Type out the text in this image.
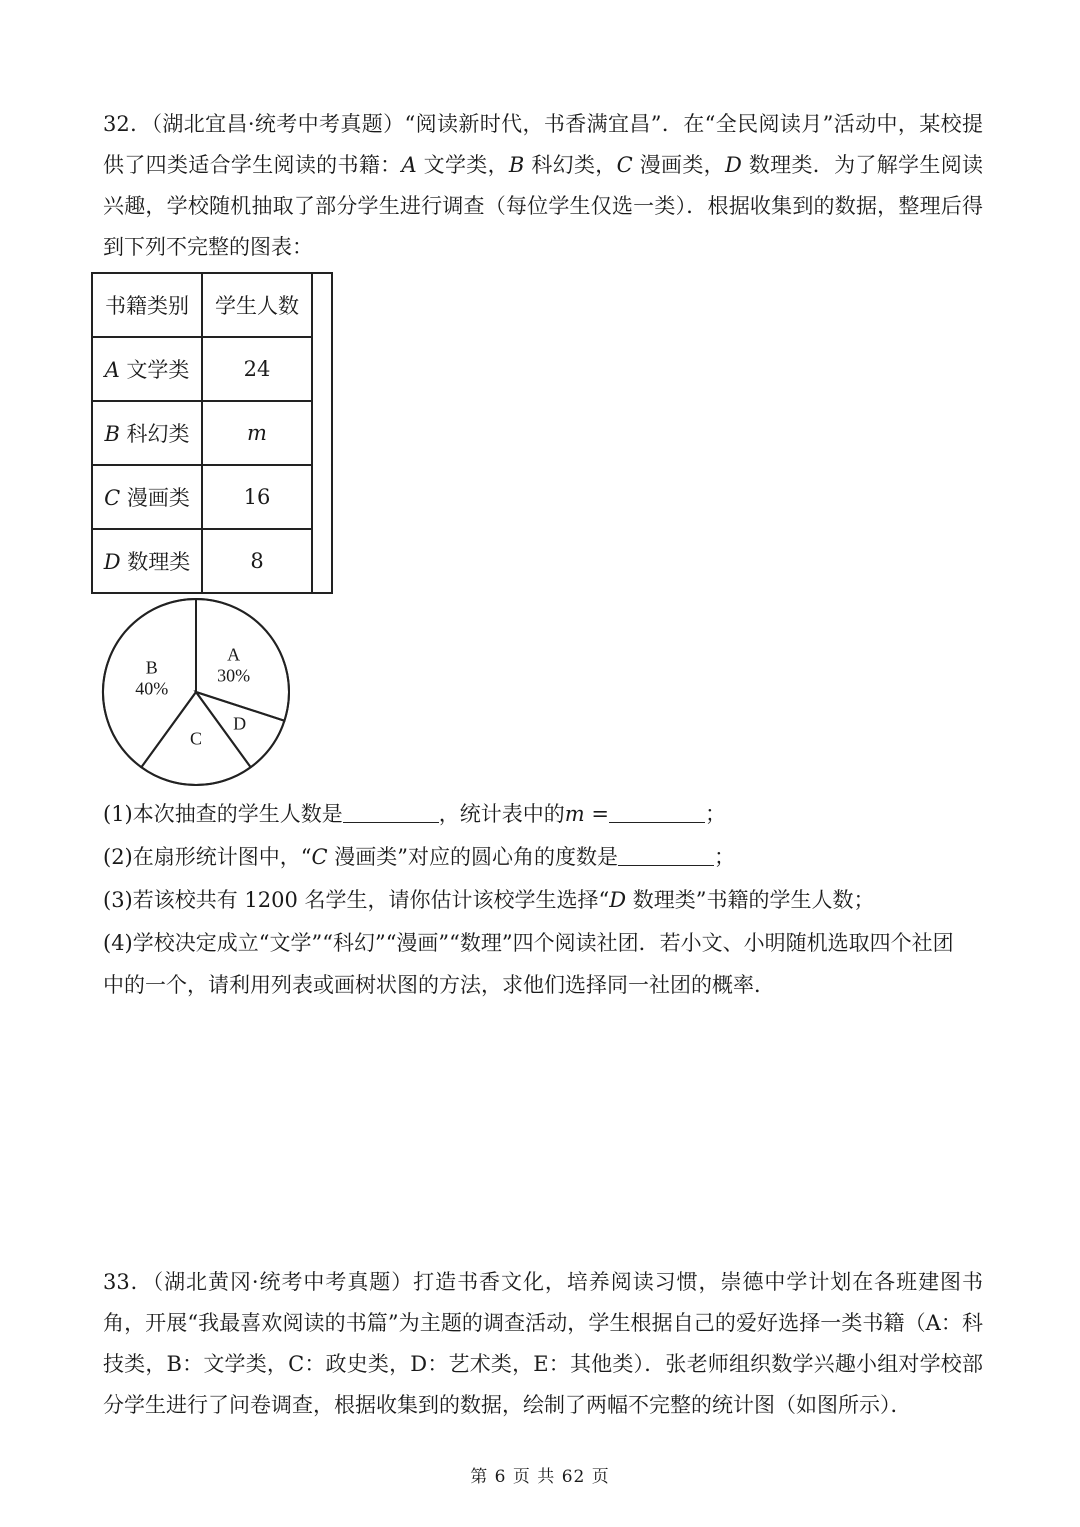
32．（湖北宜昌·统考中考真题）“阅读新时代，书香满宜昌”．在“全民阅读月”活动中，某校提供了四类适合学生阅读的书籍：A 文学类，B 科幻类，C 漫画类，D 数理类．为了解学生阅读兴趣，学校随机抽取了部分学生进行调查（每位学生仅选一类）．根据收集到的数据，整理后得到下列不完整的图表：
书籍类别	学生人数	
A 文学类	24	
B 科幻类	m	
C 漫画类	16	
D 数理类	8	
A
30%
D
C
B
40%
(1)本次抽查的学生人数是	，统计表中的m =	；
(2)在扇形统计图中，“C 漫画类”对应的圆心角的度数是	；
(3)若该校共有 1200 名学生，请你估计该校学生选择“D 数理类”书籍的学生人数；
(4)学校决定成立“文学”“科幻”“漫画”“数理”四个阅读社团．若小文、小明随机选取四个社团
中的一个，请利用列表或画树状图的方法，求他们选择同一社团的概率．
33．（湖北黄冈·统考中考真题）打造书香文化，培养阅读习惯，崇德中学计划在各班建图书角，开展“我最喜欢阅读的书篇”为主题的调查活动，学生根据自己的爱好选择一类书籍（A：科技类，B：文学类，C：政史类，D：艺术类，E：其他类）．张老师组织数学兴趣小组对学校部分学生进行了问卷调查，根据收集到的数据，绘制了两幅不完整的统计图（如图所示）．
第 6 页 共 62 页
